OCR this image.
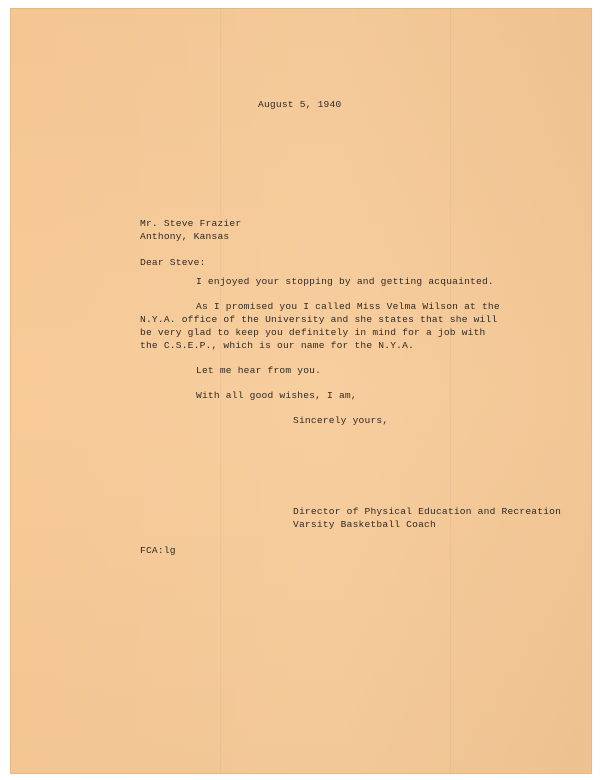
August 5, 1940
Mr. Steve Frazier
Anthony, Kansas
Dear Steve:
I enjoyed your stopping by and getting acquainted.
As I promised you I called Miss Velma Wilson at the
N.Y.A. office of the University and she states that she will
be very glad to keep you definitely in mind for a job with
the C.S.E.P., which is our name for the N.Y.A.
Let me hear from you.
With all good wishes, I am,
Sincerely yours,
Director of Physical Education and Recreation
Varsity Basketball Coach
FCA:lg
